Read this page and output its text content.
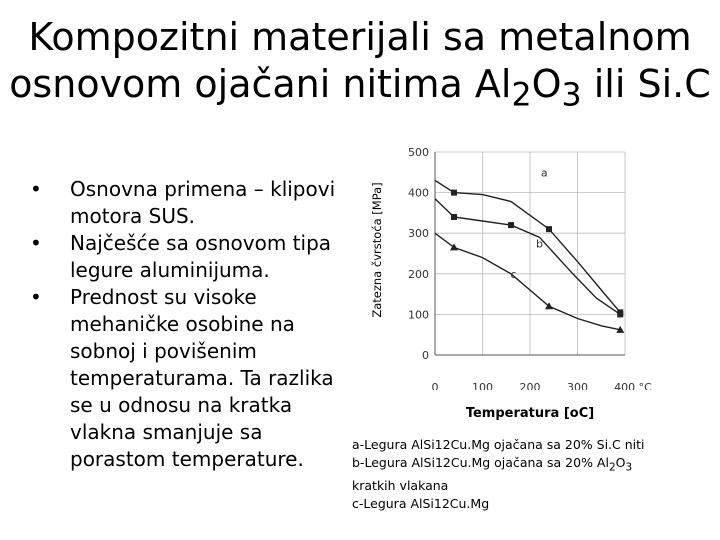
Kompozitni materijali sa metalnom
osnovom ojačani nitima $Al_2O_3$ ili Si.C
• Osnovna primena – klipovi motora SUS.
• Najčešće sa osnovom tipa legure aluminijuma.
• Prednost su visoke mehaničke osobine na sobnoj i povišenim temperaturama. Ta razlika se u odnosu na kratka vlakna smanjuje sa porastom temperature.
Zatezna čvrstoća [MPa]
0
100
200
300
400
500
0	100 200 300 400 °C
a
b
c
Temperatura [oC]
a-Legura AlSi12Cu.Mg ojačana sa 20% Si.C niti
b-Legura AlSi12Cu.Mg ojačana sa 20% $Al_2O_3$
kratkih vlakana
c-Legura AlSi12Cu.Mg
